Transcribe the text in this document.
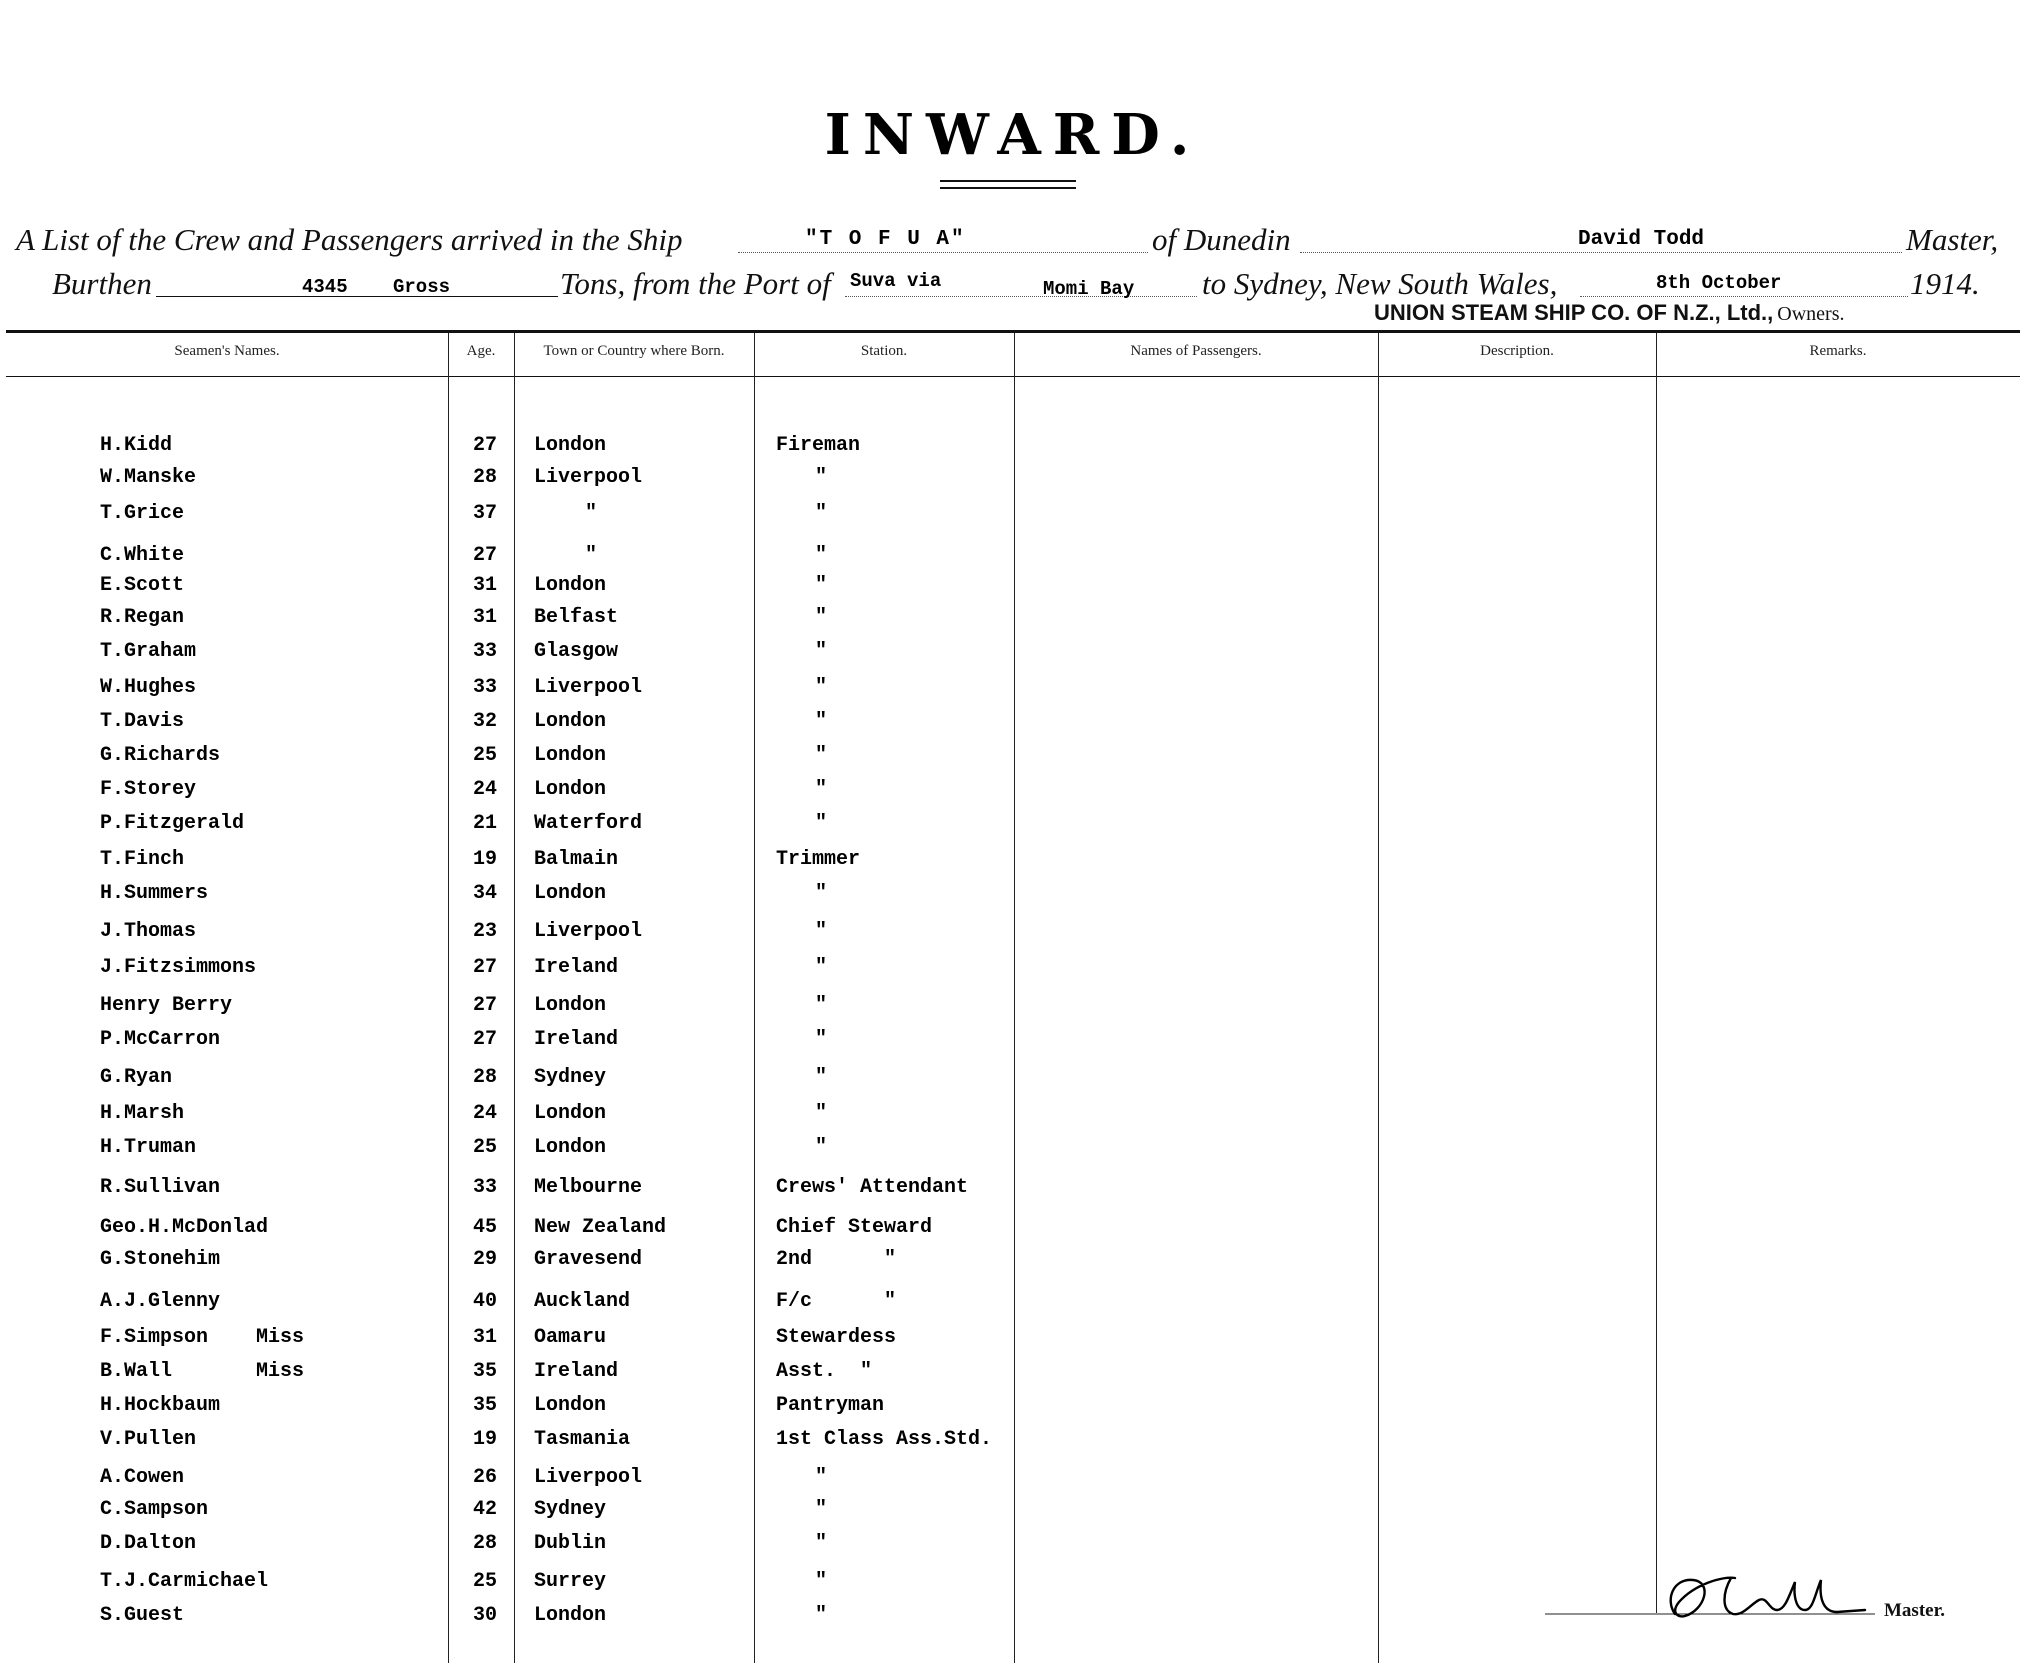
INWARD.
A List of the Crew and Passengers arrived in the Ship	"T O F U A"	of Dunedin	David Todd	Master,
Burthen	4345 Gross	Tons, from the Port of Suva via	Momi Bay to Sydney, New South Wales,	8th October	1914.
UNION STEAM SHIP CO. OF N.Z., Ltd., Owners.
Seamen's Names.	Age.	Town or Country where Born.	Station.	Names of Passengers.	Description.	Remarks.
H.Kidd	27	London	Fireman
W.Manske	28	Liverpool	"
T.Grice	37	"	"
C.White	27	"	"
E.Scott	31	London	"
R.Regan	31	Belfast	"
T.Graham	33	Glasgow	"
W.Hughes	33	Liverpool	"
T.Davis	32	London	"
G.Richards	25	London	"
F.Storey	24	London	"
P.Fitzgerald	21	Waterford	"
T.Finch	19	Balmain	Trimmer
H.Summers	34	London	"
J.Thomas	23	Liverpool	"
J.Fitzsimmons	27	Ireland	"
Henry Berry	27	London	"
P.McCarron	27	Ireland	"
G.Ryan	28	Sydney	"
H.Marsh	24	London	"
H.Truman	25	London	"
R.Sullivan	33	Melbourne	Crews' Attendant
Geo.H.McDonlad	45	New Zealand	Chief Steward
G.Stonehim	29	Gravesend	2nd      "
A.J.Glenny	40	Auckland	F/c      "
F.Simpson    Miss	31	Oamaru	Stewardess
B.Wall       Miss	35	Ireland	Asst.  "
H.Hockbaum	35	London	Pantryman
V.Pullen	19	Tasmania	1st Class Ass.Std.
A.Cowen	26	Liverpool	"
C.Sampson	42	Sydney	"
D.Dalton	28	Dublin	"
T.J.Carmichael	25	Surrey	"
S.Guest	30	London	"	Master.
